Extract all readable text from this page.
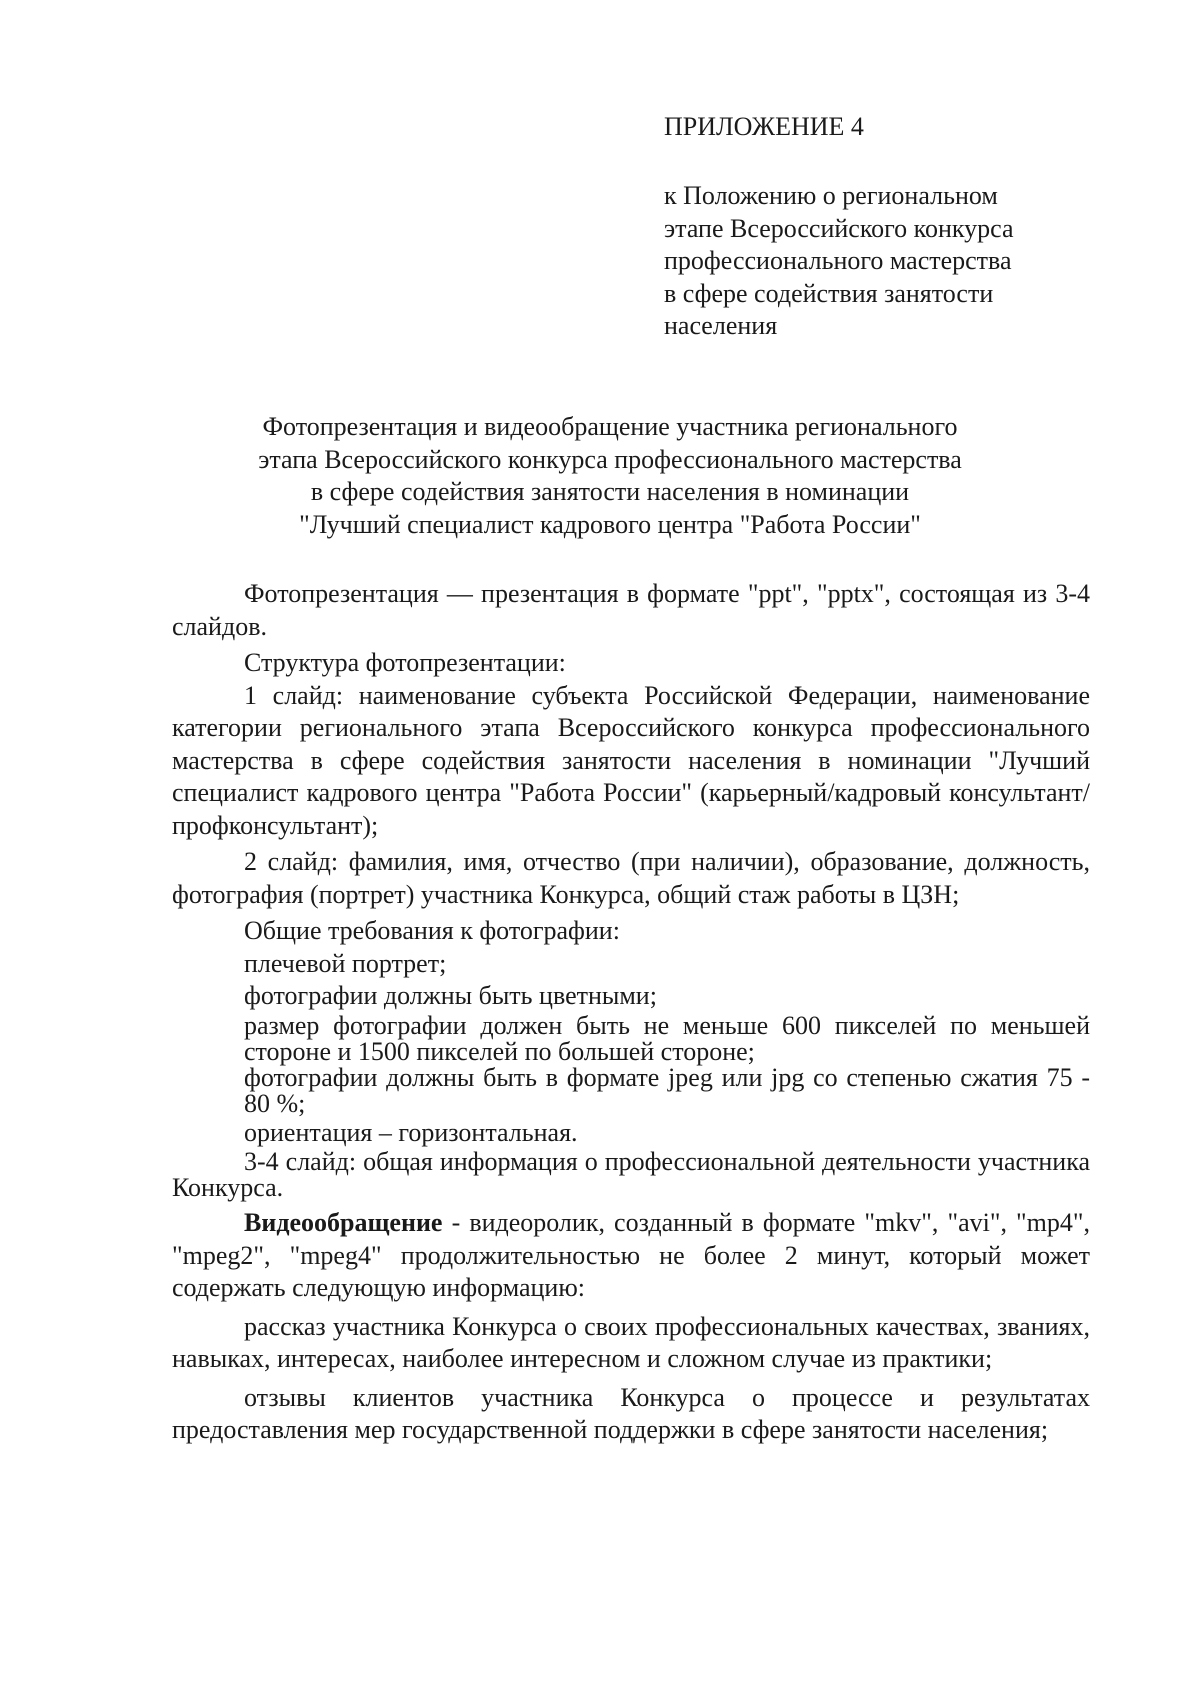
ПРИЛОЖЕНИЕ 4
к Положению о региональном
этапе Всероссийского конкурса
профессионального мастерства
в сфере содействия занятости
населения
Фотопрезентация и видеообращение участника регионального
этапа Всероссийского конкурса профессионального мастерства
в сфере содействия занятости населения в номинации
"Лучший специалист кадрового центра "Работа России"

Фотопрезентация — презентация в формате "ppt", "pptx", состоящая из 3-4 слайдов.

Структура фотопрезентации:

1 слайд: наименование субъекта Российской Федерации, наименование категории регионального этапа Всероссийского конкурса профессионального мастерства в сфере содействия занятости населения в номинации "Лучший специалист кадрового центра "Работа России" (карьерный/кадровый консультант/профконсультант);

2 слайд: фамилия, имя, отчество (при наличии), образование, должность, фотография (портрет) участника Конкурса, общий стаж работы в ЦЗН;

Общие требования к фотографии:

плечевой портрет;

фотографии должны быть цветными;

размер фотографии должен быть не меньше 600 пикселей по меньшей стороне и 1500 пикселей по большей стороне;

фотографии должны быть в формате jpeg или jpg со степенью сжатия 75 - 80 %;

ориентация – горизонтальная.

3-4 слайд: общая информация о профессиональной деятельности участника Конкурса.

Видеообращение - видеоролик, созданный в формате "mkv", "avi", "mp4", "mpeg2", "mpeg4" продолжительностью не более 2 минут, который может содержать следующую информацию:

рассказ участника Конкурса о своих профессиональных качествах, званиях, навыках, интересах, наиболее интересном и сложном случае из практики;

отзывы клиентов участника Конкурса о процессе и результатах предоставления мер государственной поддержки в сфере занятости населения;
